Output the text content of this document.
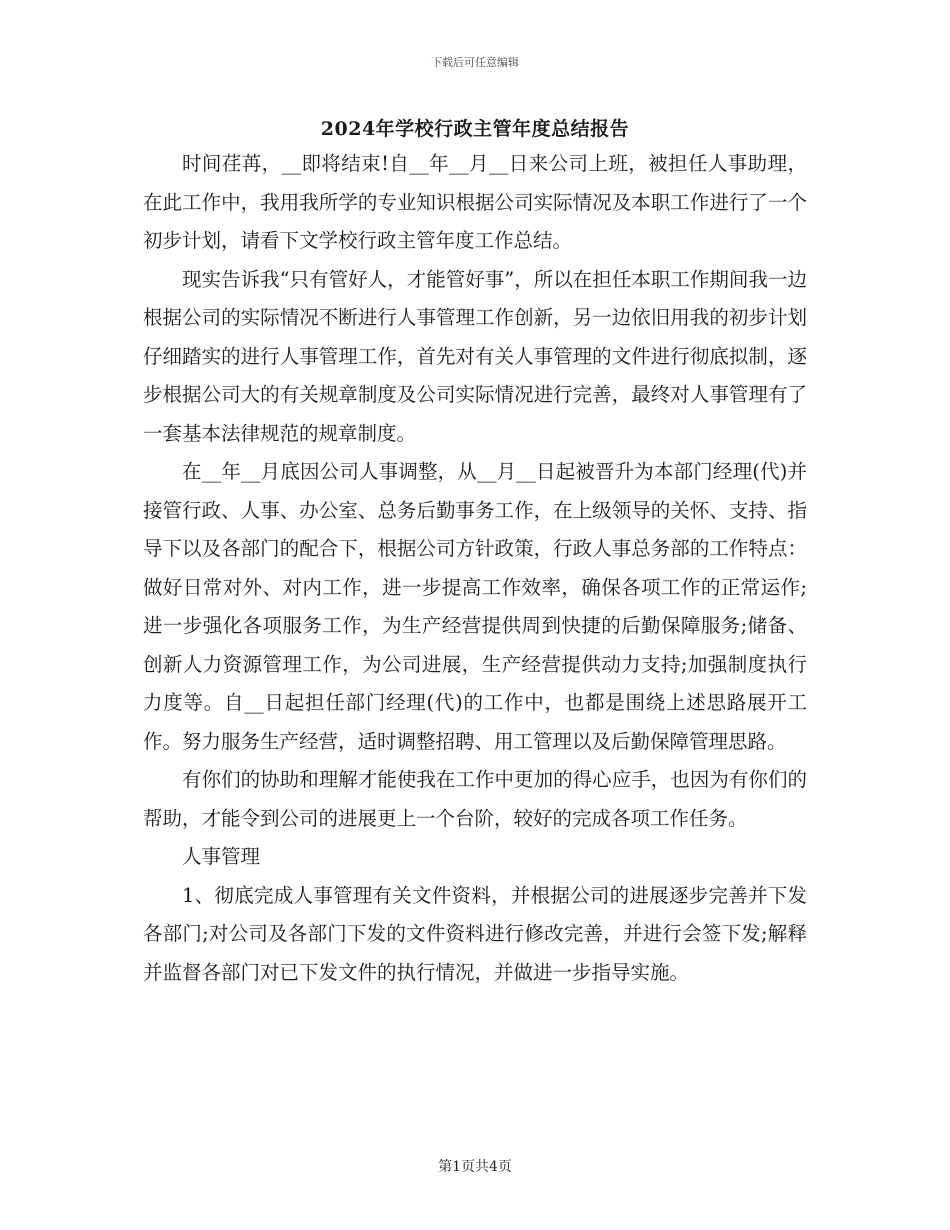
下载后可任意编辑
2024年学校行政主管年度总结报告

时间荏苒，__即将结束!自__年__月__日来公司上班，被担任人事助理，在此工作中，我用我所学的专业知识根据公司实际情况及本职工作进行了一个初步计划，请看下文学校行政主管年度工作总结。

现实告诉我“只有管好人，才能管好事”，所以在担任本职工作期间我一边根据公司的实际情况不断进行人事管理工作创新，另一边依旧用我的初步计划仔细踏实的进行人事管理工作，首先对有关人事管理的文件进行彻底拟制，逐步根据公司大的有关规章制度及公司实际情况进行完善，最终对人事管理有了一套基本法律规范的规章制度。

在__年__月底因公司人事调整，从__月__日起被晋升为本部门经理(代)并接管行政、人事、办公室、总务后勤事务工作，在上级领导的关怀、支持、指导下以及各部门的配合下，根据公司方针政策，行政人事总务部的工作特点：做好日常对外、对内工作，进一步提高工作效率，确保各项工作的正常运作;进一步强化各项服务工作，为生产经营提供周到快捷的后勤保障服务;储备、创新人力资源管理工作，为公司进展，生产经营提供动力支持;加强制度执行力度等。自__日起担任部门经理(代)的工作中，也都是围绕上述思路展开工作。努力服务生产经营，适时调整招聘、用工管理以及后勤保障管理思路。

有你们的协助和理解才能使我在工作中更加的得心应手，也因为有你们的帮助，才能令到公司的进展更上一个台阶，较好的完成各项工作任务。

人事管理

1、彻底完成人事管理有关文件资料，并根据公司的进展逐步完善并下发各部门;对公司及各部门下发的文件资料进行修改完善，并进行会签下发;解释并监督各部门对已下发文件的执行情况，并做进一步指导实施。

第1页共4页
